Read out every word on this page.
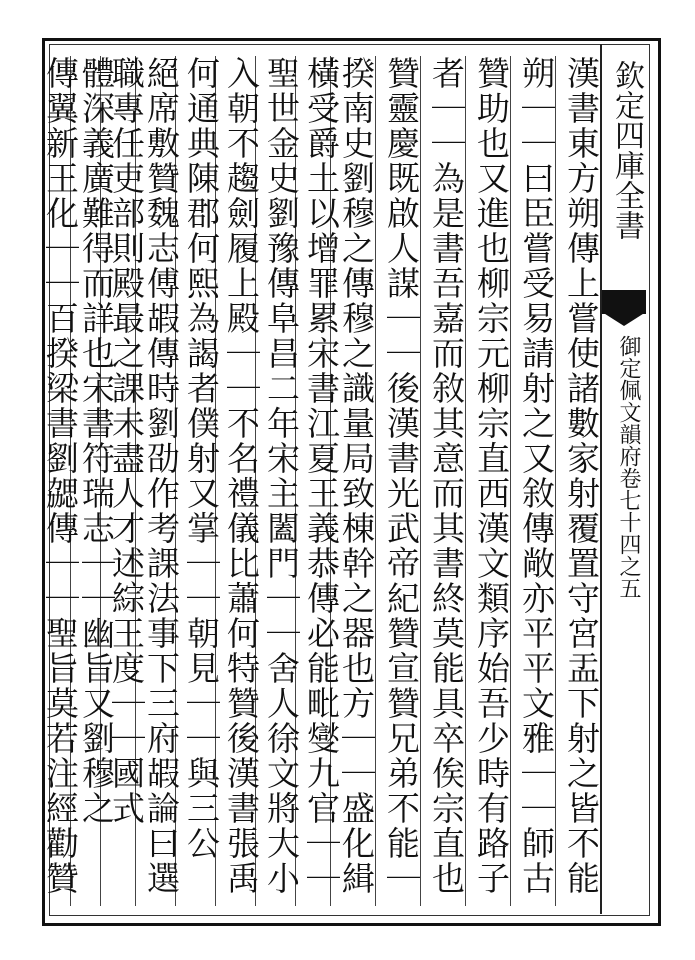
欽定四庫全書
御定佩文韻府卷七十四之五
漢書東方朔傳上嘗使諸數家射覆置守宮盂下射之皆不能
朔｜｜曰臣嘗受易請射之又敘傳敞亦平平文雅｜｜師古
贊助也又進也柳宗元柳宗直西漢文類序始吾少時有路子
者｜｜為是書吾嘉而敘其意而其書終莫能具卒俟宗直也
贊靈慶既啟人謀｜｜後漢書光武帝紀贊宣贊兄弟不能｜
揆南史劉穆之傳穆之識量局致棟幹之器也方｜｜盛化緝
橫受爵土以增罪累宋書江夏王義恭傳必能毗燮九官｜｜
聖世金史劉豫傳阜昌二年宋主闔門｜｜舍人徐文將大小
入朝不趨劍履上殿｜｜不名禮儀比蕭何特贊後漢書張禹
何通典陳郡何熙為謁者僕射又掌｜｜朝見｜｜與三公
絕席敷贊魏志傅嘏傳時劉劭作考課法事下三府嘏論曰選
職專任吏部則殿最之課未盡人才述綜王度｜｜國式
體深義廣難得而詳也宋書符瑞志｜｜幽旨又劉穆之
傳翼新王化｜｜百揆梁書劉勰傳｜｜聖旨莫若注經勸贊
